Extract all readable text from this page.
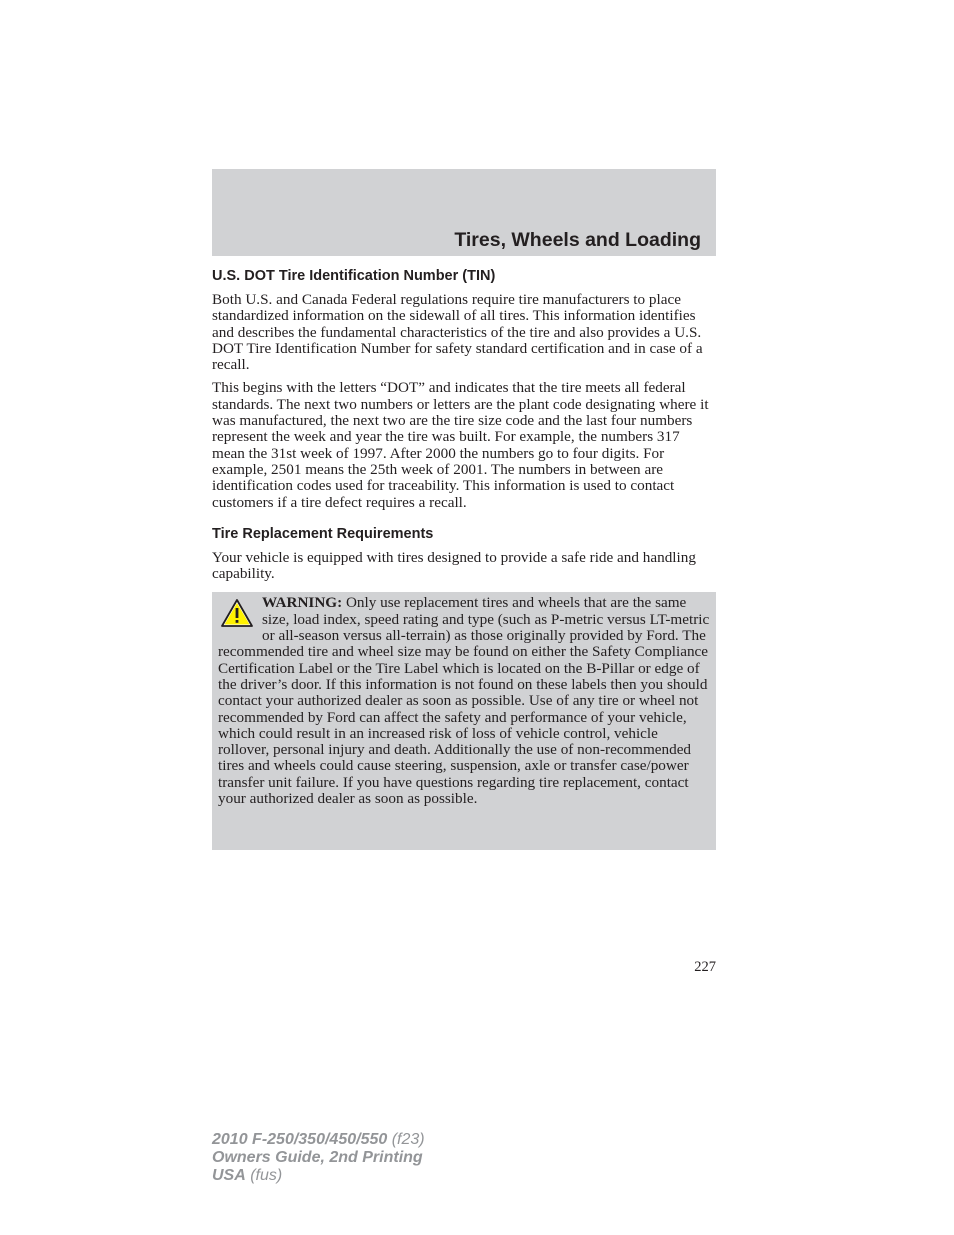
Tires, Wheels and Loading
U.S. DOT Tire Identification Number (TIN)

Both U.S. and Canada Federal regulations require tire manufacturers to place standardized information on the sidewall of all tires. This information identifies and describes the fundamental characteristics of the tire and also provides a U.S. DOT Tire Identification Number for safety standard certification and in case of a recall.

This begins with the letters “DOT” and indicates that the tire meets all federal standards. The next two numbers or letters are the plant code designating where it was manufactured, the next two are the tire size code and the last four numbers represent the week and year the tire was built. For example, the numbers 317 mean the 31st week of 1997. After 2000 the numbers go to four digits. For example, 2501 means the 25th week of 2001. The numbers in between are identification codes used for traceability. This information is used to contact customers if a tire defect requires a recall.

Tire Replacement Requirements

Your vehicle is equipped with tires designed to provide a safe ride and handling capability.

WARNING: Only use replacement tires and wheels that are the same size, load index, speed rating and type (such as P-metric versus LT-metric or all-season versus all-terrain) as those originally provided by Ford. The recommended tire and wheel size may be found on either the Safety Compliance Certification Label or the Tire Label which is located on the B-Pillar or edge of the driver’s door. If this information is not found on these labels then you should contact your authorized dealer as soon as possible. Use of any tire or wheel not recommended by Ford can affect the safety and performance of your vehicle, which could result in an increased risk of loss of vehicle control, vehicle rollover, personal injury and death. Additionally the use of non-recommended tires and wheels could cause steering, suspension, axle or transfer case/power transfer unit failure. If you have questions regarding tire replacement, contact your authorized dealer as soon as possible.

227
2010 F-250/350/450/550 (f23)
Owners Guide, 2nd Printing
USA (fus)
